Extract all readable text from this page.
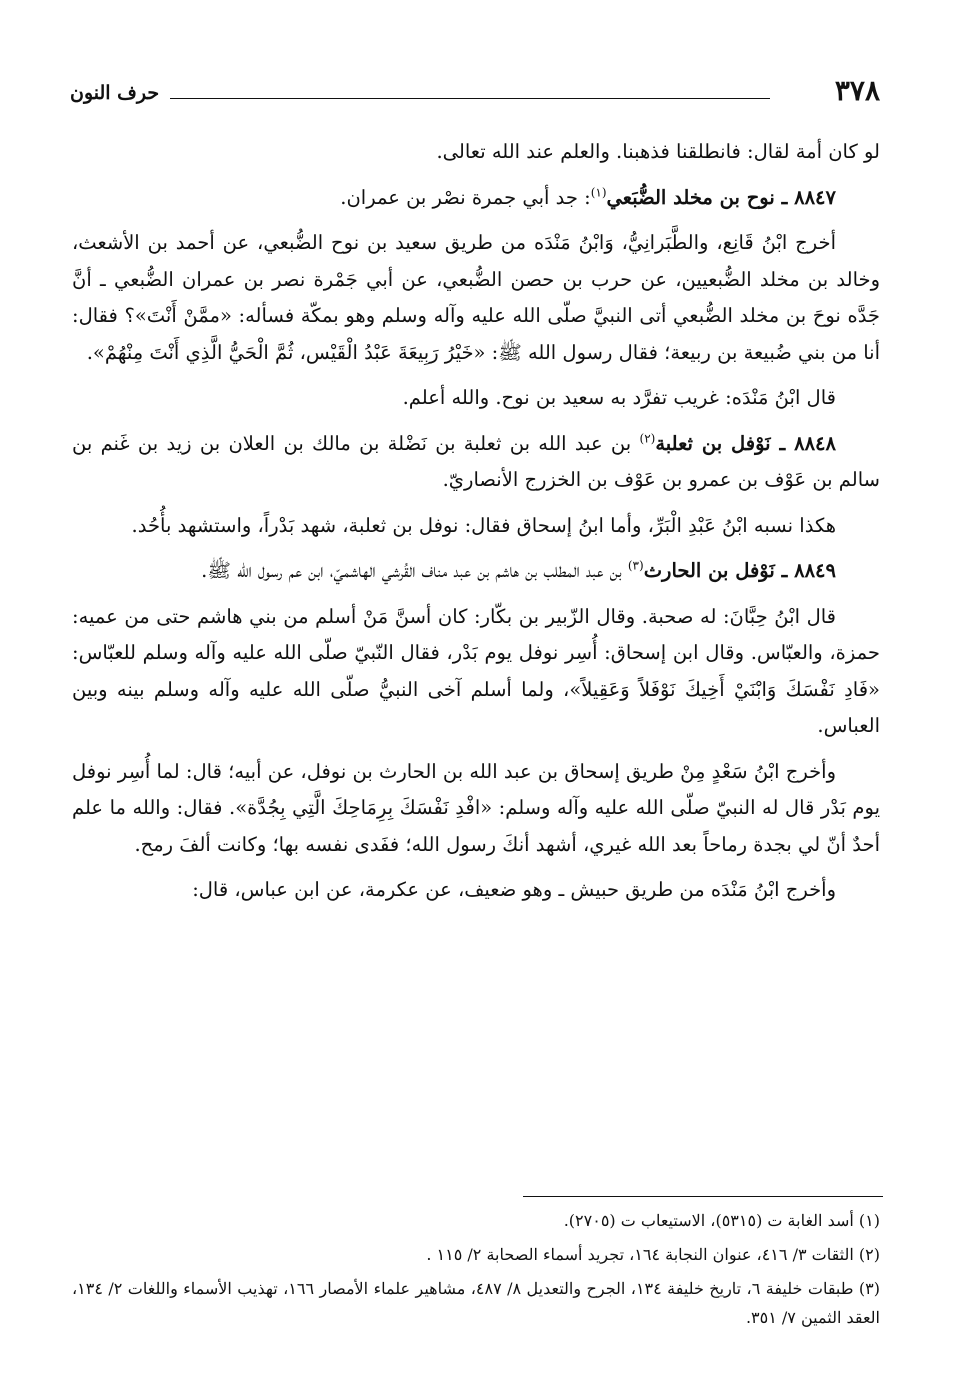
٣٧٨
حرف النون

لو كان أمة لقال: فانطلقنا فذهبنا. والعلم عند الله تعالى.

٨٨٤٧ ـ نوح بن مخلد الضُّبَعي$^{(١)}$: جد أبي جمرة نصْر بن عمران.

أخرج ابْنُ قَانِع، والطَّبَرانِيُّ، وَابْنُ مَنْدَه من طريق سعيد بن نوح الضُّبعي، عن أحمد بن الأشعث، وخالد بن مخلد الضُّبعيين، عن حرب بن حصن الضُّبعي، عن أبي جَمْرة نصر بن عمران الضُّبعي ـ أنَّ جَدَّه نوحَ بن مخلد الضُّبعي أتى النبيَّ صلّى الله عليه وآله وسلم وهو بمكّة فسأله: «ممَّنْ أَنْتَ»؟ فقال: أنا من بني ضُبيعة بن ربيعة؛ فقال رسول الله ﷺ: «خَيْرُ رَبِيعَةَ عَبْدُ الْقَيْس، ثُمَّ الْحَيُّ الَّذِي أَنْتَ مِنْهُمْ».

قال ابْنُ مَنْدَه: غريب تفرَّد به سعيد بن نوح. والله أعلم.

٨٨٤٨ ـ نَوْفل بن ثعلبة$^{(٢)}$ بن عبد الله بن ثعلبة بن نَضْلة بن مالك بن العلان بن زيد بن غَنم بن سالم بن عَوْف بن عمرو بن عَوْف بن الخزرج الأنصاريّ.

هكذا نسبه ابْنُ عَبْدِ الْبَرِّ، وأما ابنُ إسحاق فقال: نوفل بن ثعلبة، شهد بَدْراً، واستشهد بأُحُد.

٨٨٤٩ ـ نَوْفل بن الحارث$^{(٣)}$ بن عبد المطلب بن هاشم بن عبد مناف القُرشي الهاشميّ، ابن عم رسول الله ﷺ.

قال ابْنُ حِبَّانَ: له صحبة. وقال الزّبير بن بكّار: كان أسنَّ مَنْ أسلم من بني هاشم حتى من عميه: حمزة، والعبّاس. وقال ابن إسحاق: أُسِر نوفل يوم بَدْر، فقال النّبيّ صلّى الله عليه وآله وسلم للعبّاس: «فَادِ نَفْسَكَ وَابْنَيْ أَخِيكَ نَوْفَلاً وَعَقِيلاً»، ولما أسلم آخى النبيُّ صلّى الله عليه وآله وسلم بينه وبين العباس.

وأخرج ابْنُ سَعْدٍ مِنْ طريق إسحاق بن عبد الله بن الحارث بن نوفل، عن أبيه؛ قال: لما أُسِر نوفل يوم بَدْر قال له النبيّ صلّى الله عليه وآله وسلم: «افْدِ نَفْسَكَ بِرِمَاحِكَ الَّتِي بِجُدَّة». فقال: والله ما علم أحدٌ أنّ لي بجدة رماحاً بعد الله غيري، أشهد أنكَ رسول الله؛ ففَدى نفسه بها؛ وكانت ألفَ رمح.

وأخرج ابْنُ مَنْدَه من طريق حبيش ـ وهو ضعيف، عن عكرمة، عن ابن عباس، قال:

(١) أسد الغابة ت (٥٣١٥)، الاستيعاب ت (٢٧٠٥).

(٢) الثقات ٣/ ٤١٦، عنوان النجابة ١٦٤، تجريد أسماء الصحابة ٢/ ١١٥ .

(٣) طبقات خليفة ٦، تاريخ خليفة ١٣٤، الجرح والتعديل ٨/ ٤٨٧، مشاهير علماء الأمصار ١٦٦، تهذيب الأسماء واللغات ٢/ ١٣٤، العقد الثمين ٧/ ٣٥١.
